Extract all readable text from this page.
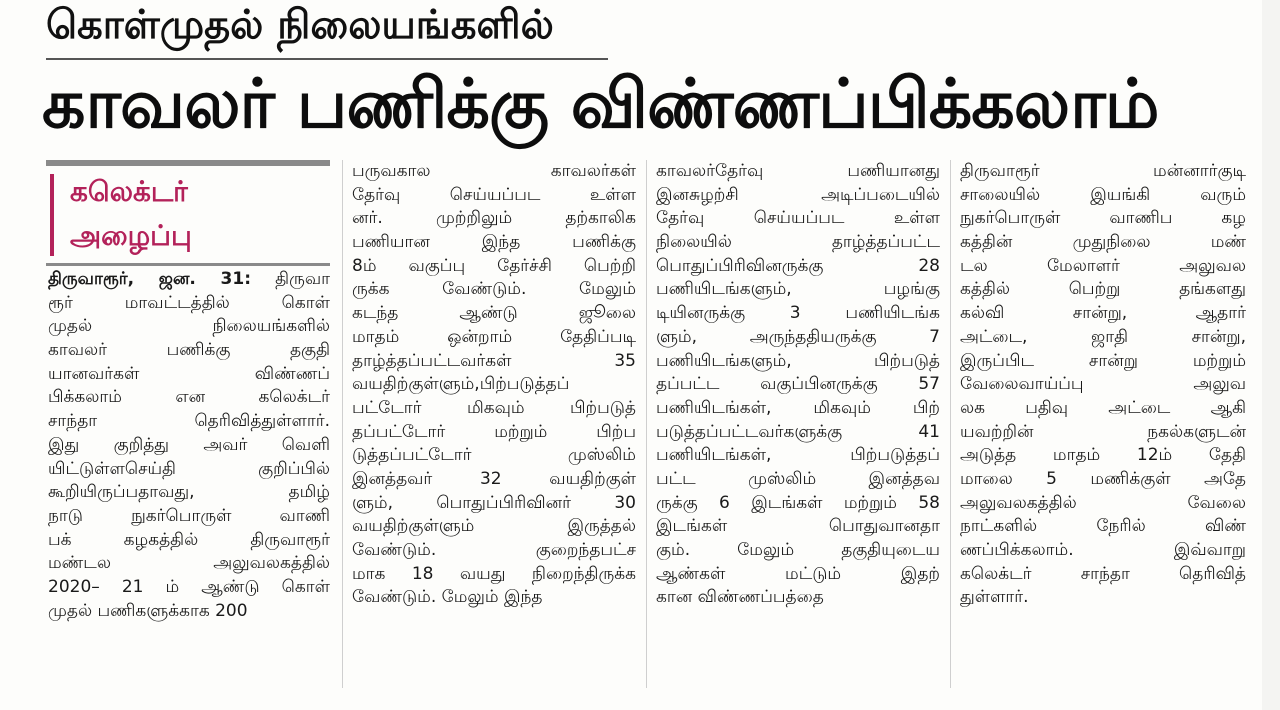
கொள்முதல் நிலையங்களில்
காவலர் பணிக்கு விண்ணப்பிக்கலாம்
கலெக்டர்
அழைப்பு
திருவாரூர், ஜன. 31: திருவா
ரூர் மாவட்டத்தில் கொள்
முதல் நிலையங்களில்
காவலர் பணிக்கு தகுதி
யானவர்கள் விண்ணப்
பிக்கலாம் என கலெக்டர்
சாந்தா தெரிவித்துள்ளார்.
இது குறித்து அவர் வெளி
யிட்டுள்ளசெய்தி குறிப்பில்
கூறியிருப்பதாவது, தமிழ்
நாடு நுகர்பொருள் வாணி
பக் கழகத்தில் திருவாரூர்
மண்டல அலுவலகத்தில்
2020– 21 ம் ஆண்டு கொள்
முதல் பணிகளுக்காக 200
பருவகால காவலர்கள்
தேர்வு செய்யப்பட உள்ள
னர். முற்றிலும் தற்காலிக
பணியான இந்த பணிக்கு
8ம் வகுப்பு தேர்ச்சி பெற்றி
ருக்க வேண்டும். மேலும்
கடந்த ஆண்டு ஜூலை
மாதம் ஒன்றாம் தேதிப்படி
தாழ்த்தப்பட்டவர்கள் 35
வயதிற்குள்ளும்,பிற்படுத்தப்
பட்டோர் மிகவும் பிற்படுத்
தப்பட்டோர் மற்றும் பிற்ப
டுத்தப்பட்டோர் முஸ்லிம்
இனத்தவர் 32 வயதிற்குள்
ளும், பொதுப்பிரிவினர் 30
வயதிற்குள்ளும் இருத்தல்
வேண்டும். குறைந்தபட்ச
மாக 18 வயது நிறைந்திருக்க
வேண்டும். மேலும் இந்த
காவலர்தேர்வு பணியானது
இனசுழற்சி அடிப்படையில்
தேர்வு செய்யப்பட உள்ள
நிலையில் தாழ்த்தப்பட்ட
பொதுப்பிரிவினருக்கு 28
பணியிடங்களும், பழங்கு
டியினருக்கு 3 பணியிடங்க
ளும், அருந்ததியருக்கு 7
பணியிடங்களும், பிற்படுத்
தப்பட்ட வகுப்பினருக்கு 57
பணியிடங்கள், மிகவும் பிற்
படுத்தப்பட்டவர்களுக்கு 41
பணியிடங்கள், பிற்படுத்தப்
பட்ட முஸ்லிம் இனத்தவ
ருக்கு 6 இடங்கள் மற்றும் 58
இடங்கள் பொதுவானதா
கும். மேலும் தகுதியுடைய
ஆண்கள் மட்டும் இதற்
கான விண்ணப்பத்தை
திருவாரூர் மன்னார்குடி
சாலையில் இயங்கி வரும்
நுகர்பொருள் வாணிப கழ
கத்தின் முதுநிலை மண்
டல மேலாளர் அலுவல
கத்தில் பெற்று தங்களது
கல்வி சான்று, ஆதார்
அட்டை, ஜாதி சான்று,
இருப்பிட சான்று மற்றும்
வேலைவாய்ப்பு அலுவ
லக பதிவு அட்டை ஆகி
யவற்றின் நகல்களுடன்
அடுத்த மாதம் 12ம் தேதி
மாலை 5 மணிக்குள் அதே
அலுவலகத்தில் வேலை
நாட்களில் நேரில் விண்
ணப்பிக்கலாம். இவ்வாறு
கலெக்டர் சாந்தா தெரிவித்
துள்ளார்.
